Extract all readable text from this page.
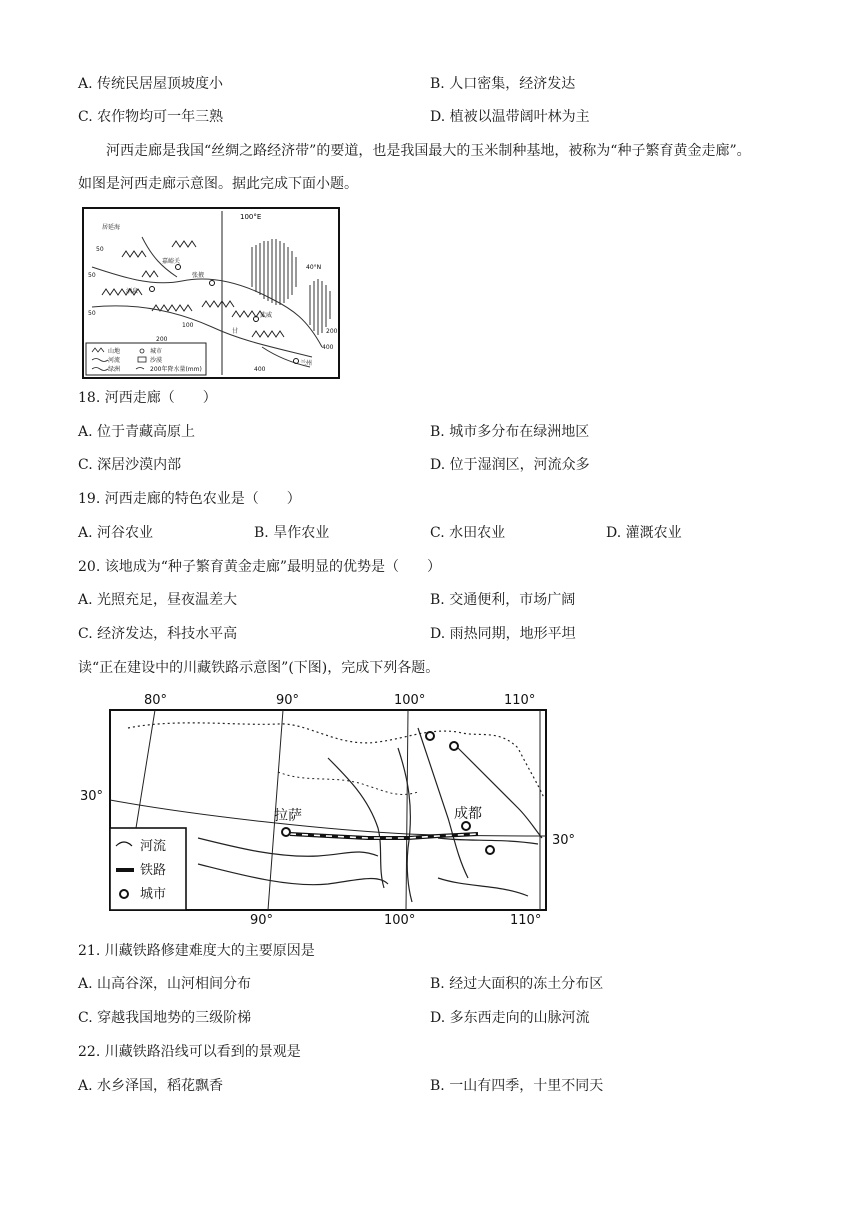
A. 传统民居屋顶坡度小	B. 人口密集，经济发达
C. 农作物均可一年三熟	D. 植被以温带阔叶林为主
河西走廊是我国“丝绸之路经济带”的要道，也是我国最大的玉米制种基地，被称为“种子繁育黄金走廊”。
如图是河西走廊示意图。据此完成下面小题。
100°E
40°N
居延海
嘉峪关
酒泉
张掖
武威
兰州
甘
50
50
50
100
200
200
400
400
山地
河流
绿洲
城市
沙漠
200年降水量(mm)
18. 河西走廊（　　）
A. 位于青藏高原上	B. 城市多分布在绿洲地区
C. 深居沙漠内部	D. 位于湿润区，河流众多
19. 河西走廊的特色农业是（　　）
A. 河谷农业	B. 旱作农业	C. 水田农业	D. 灌溉农业
20. 该地成为“种子繁育黄金走廊”最明显的优势是（　　）
A. 光照充足，昼夜温差大	B. 交通便利，市场广阔
C. 经济发达，科技水平高	D. 雨热同期，地形平坦
读“正在建设中的川藏铁路示意图”(下图)，完成下列各题。
80°	90°	100°	110°
90°	100°	110°
30°
30°
拉萨	成都
河流
铁路
城市
21. 川藏铁路修建难度大的主要原因是
A. 山高谷深，山河相间分布	B. 经过大面积的冻土分布区
C. 穿越我国地势的三级阶梯	D. 多东西走向的山脉河流
22. 川藏铁路沿线可以看到的景观是
A. 水乡泽国，稻花飘香	B. 一山有四季，十里不同天
